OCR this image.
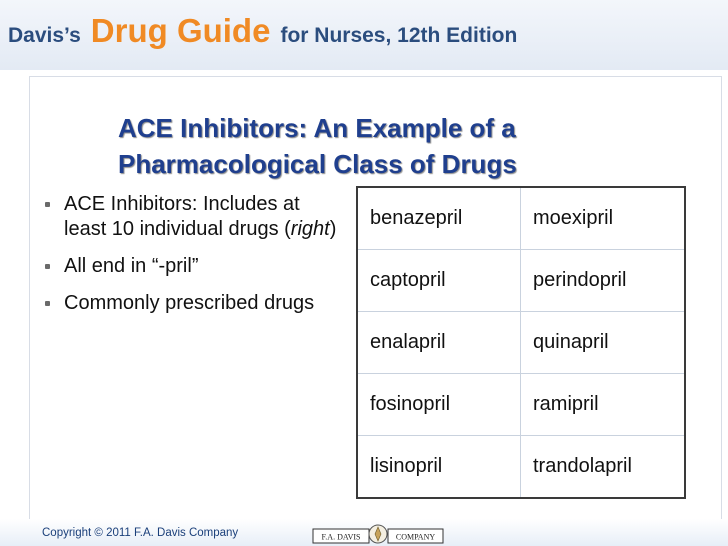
Davis’s Drug Guide for Nurses, 12th Edition
ACE Inhibitors: An Example of a
Pharmacological Class of Drugs
ACE Inhibitors: Includes at least 10 individual drugs (right)
All end in “-pril”
Commonly prescribed drugs
benazepril	moexipril
captopril	perindopril
enalapril	quinapril
fosinopril	ramipril
lisinopril	trandolapril
Copyright © 2011 F.A. Davis Company	F.A. DAVIS	COMPANY
